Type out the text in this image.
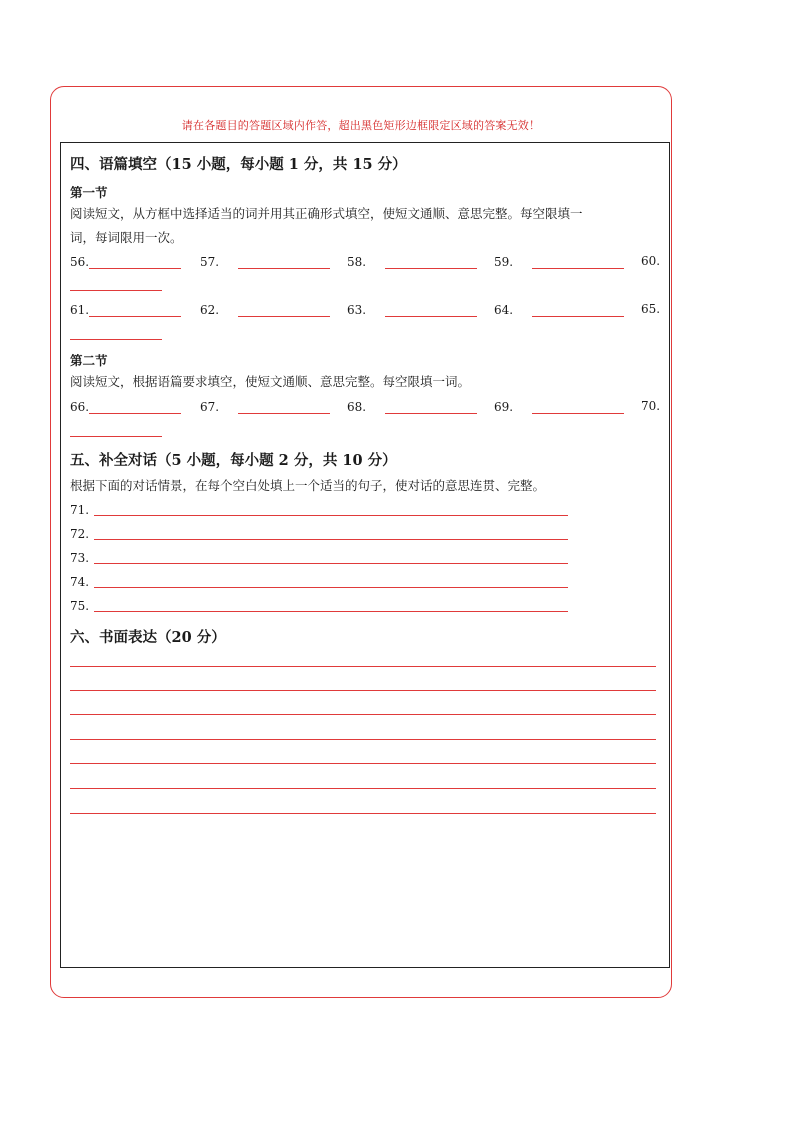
请在各题目的答题区域内作答，超出黑色矩形边框限定区域的答案无效！
四、语篇填空（15 小题，每小题 1 分，共 15 分）
第一节
阅读短文，从方框中选择适当的词并用其正确形式填空，使短文通顺、意思完整。每空限填一
词，每词限用一次。
56.	57.	58.	59.	60.
61.	62.	63.	64.	65.
第二节
阅读短文，根据语篇要求填空，使短文通顺、意思完整。每空限填一词。
66.	67.	68.	69.	70.
五、补全对话（5 小题，每小题 2 分，共 10 分）
根据下面的对话情景，在每个空白处填上一个适当的句子，使对话的意思连贯、完整。
71.
72.
73.
74.
75.
六、书面表达（20 分）
